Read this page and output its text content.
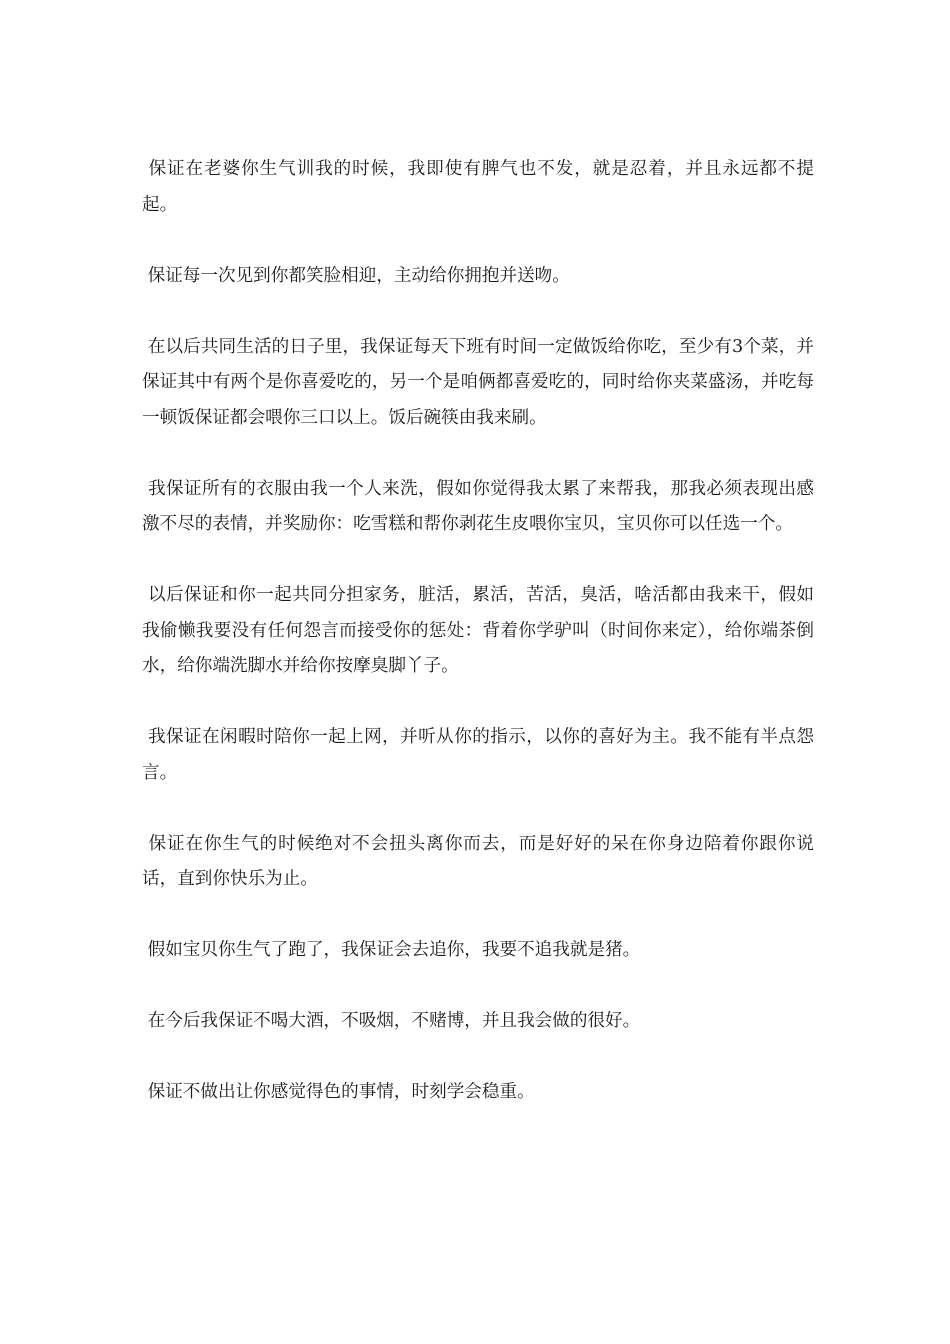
保证在老婆你生气训我的时候，我即使有脾气也不发，就是忍着，并且永远都不提起。

保证每一次见到你都笑脸相迎，主动给你拥抱并送吻。

在以后共同生活的日子里，我保证每天下班有时间一定做饭给你吃，至少有3个菜，并保证其中有两个是你喜爱吃的，另一个是咱俩都喜爱吃的，同时给你夹菜盛汤，并吃每一顿饭保证都会喂你三口以上。饭后碗筷由我来刷。

我保证所有的衣服由我一个人来洗，假如你觉得我太累了来帮我，那我必须表现出感激不尽的表情，并奖励你：吃雪糕和帮你剥花生皮喂你宝贝，宝贝你可以任选一个。

以后保证和你一起共同分担家务，脏活，累活，苦活，臭活，啥活都由我来干，假如我偷懒我要没有任何怨言而接受你的惩处：背着你学驴叫（时间你来定），给你端茶倒水，给你端洗脚水并给你按摩臭脚丫子。

我保证在闲暇时陪你一起上网，并听从你的指示，以你的喜好为主。我不能有半点怨言。

保证在你生气的时候绝对不会扭头离你而去，而是好好的呆在你身边陪着你跟你说话，直到你快乐为止。

假如宝贝你生气了跑了，我保证会去追你，我要不追我就是猪。

在今后我保证不喝大酒，不吸烟，不赌博，并且我会做的很好。

保证不做出让你感觉得色的事情，时刻学会稳重。
